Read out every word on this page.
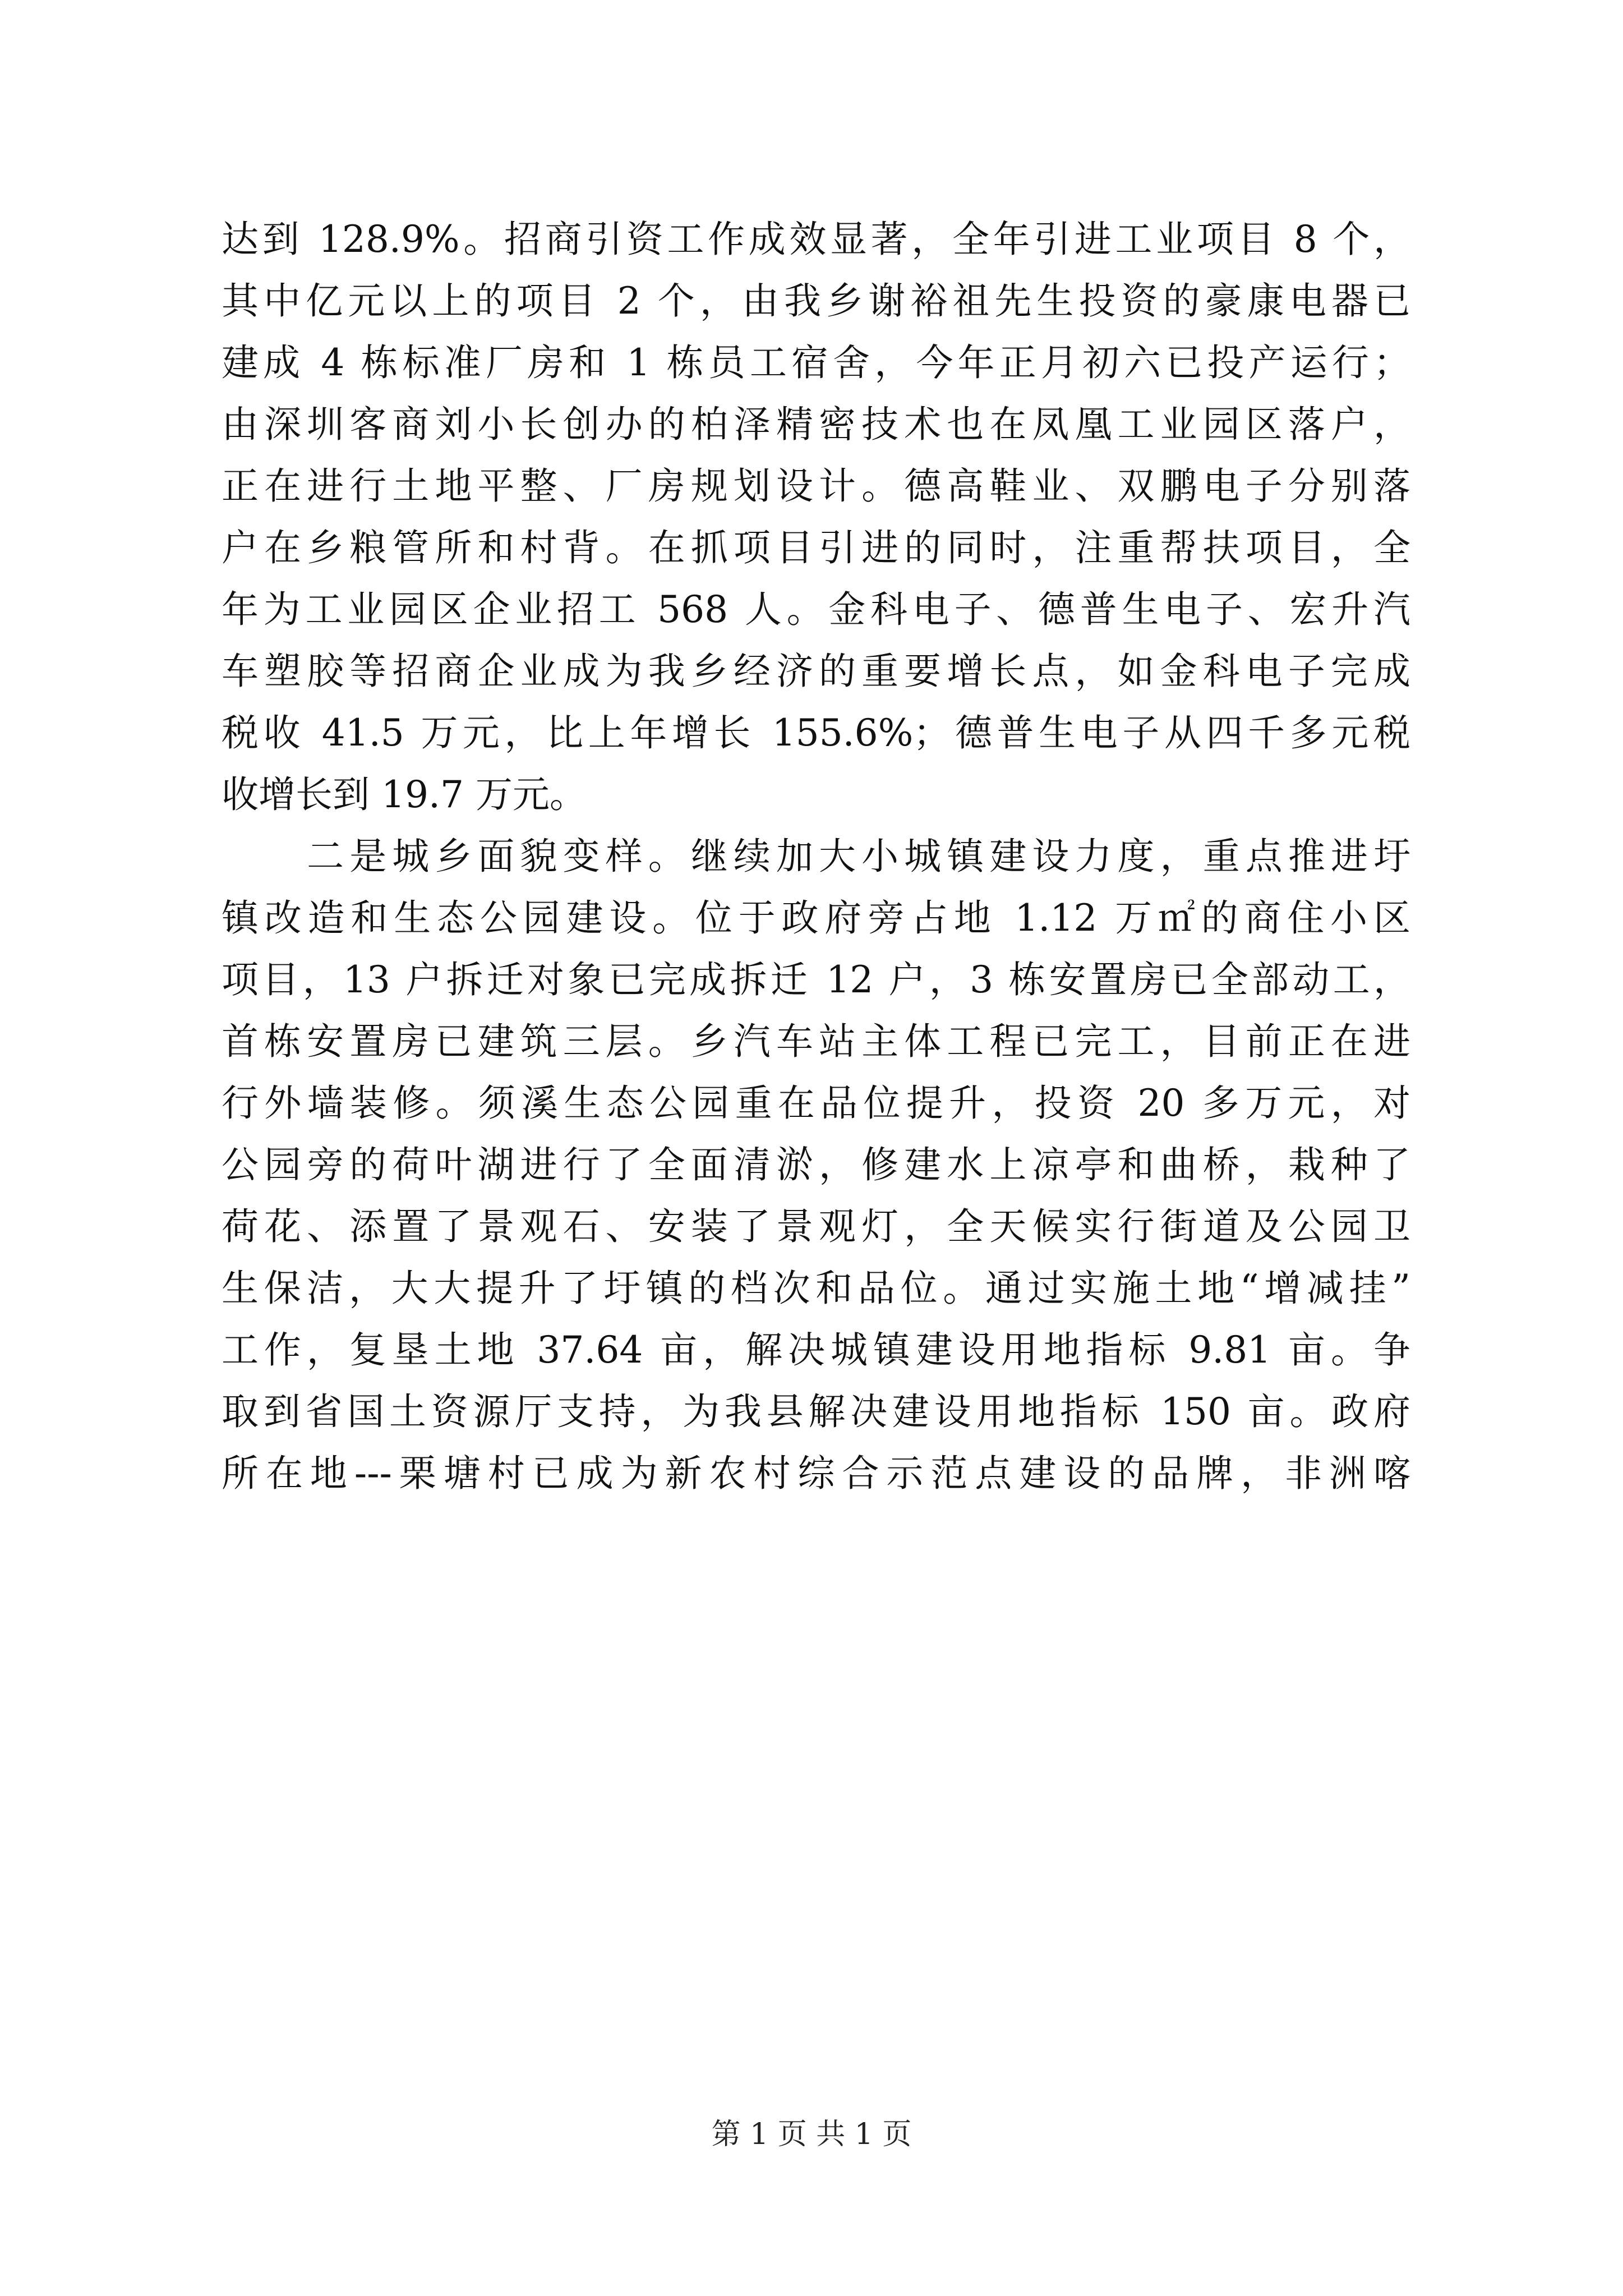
达到 128.9%。招商引资工作成效显著，全年引进工业项目 8 个，
其中亿元以上的项目 2 个，由我乡谢裕祖先生投资的豪康电器已
建成 4 栋标准厂房和 1 栋员工宿舍，今年正月初六已投产运行；
由深圳客商刘小长创办的柏泽精密技术也在凤凰工业园区落户，
正在进行土地平整、厂房规划设计。德高鞋业、双鹏电子分别落
户在乡粮管所和村背。在抓项目引进的同时，注重帮扶项目，全
年为工业园区企业招工 568 人。金科电子、德普生电子、宏升汽
车塑胶等招商企业成为我乡经济的重要增长点，如金科电子完成
税收 41.5 万元，比上年增长 155.6%；德普生电子从四千多元税
收增长到 19.7 万元。
　　二是城乡面貌变样。继续加大小城镇建设力度，重点推进圩
镇改造和生态公园建设。位于政府旁占地 1.12 万㎡的商住小区
项目，13 户拆迁对象已完成拆迁 12 户，3 栋安置房已全部动工，
首栋安置房已建筑三层。乡汽车站主体工程已完工，目前正在进
行外墙装修。须溪生态公园重在品位提升，投资 20 多万元，对
公园旁的荷叶湖进行了全面清淤，修建水上凉亭和曲桥，栽种了
荷花、添置了景观石、安装了景观灯，全天候实行街道及公园卫
生保洁，大大提升了圩镇的档次和品位。通过实施土地“增减挂”
工作，复垦土地 37.64 亩，解决城镇建设用地指标 9.81 亩。争
取到省国土资源厅支持，为我县解决建设用地指标 150 亩。政府
所在地---栗塘村已成为新农村综合示范点建设的品牌，非洲喀
第 1 页 共 1 页
